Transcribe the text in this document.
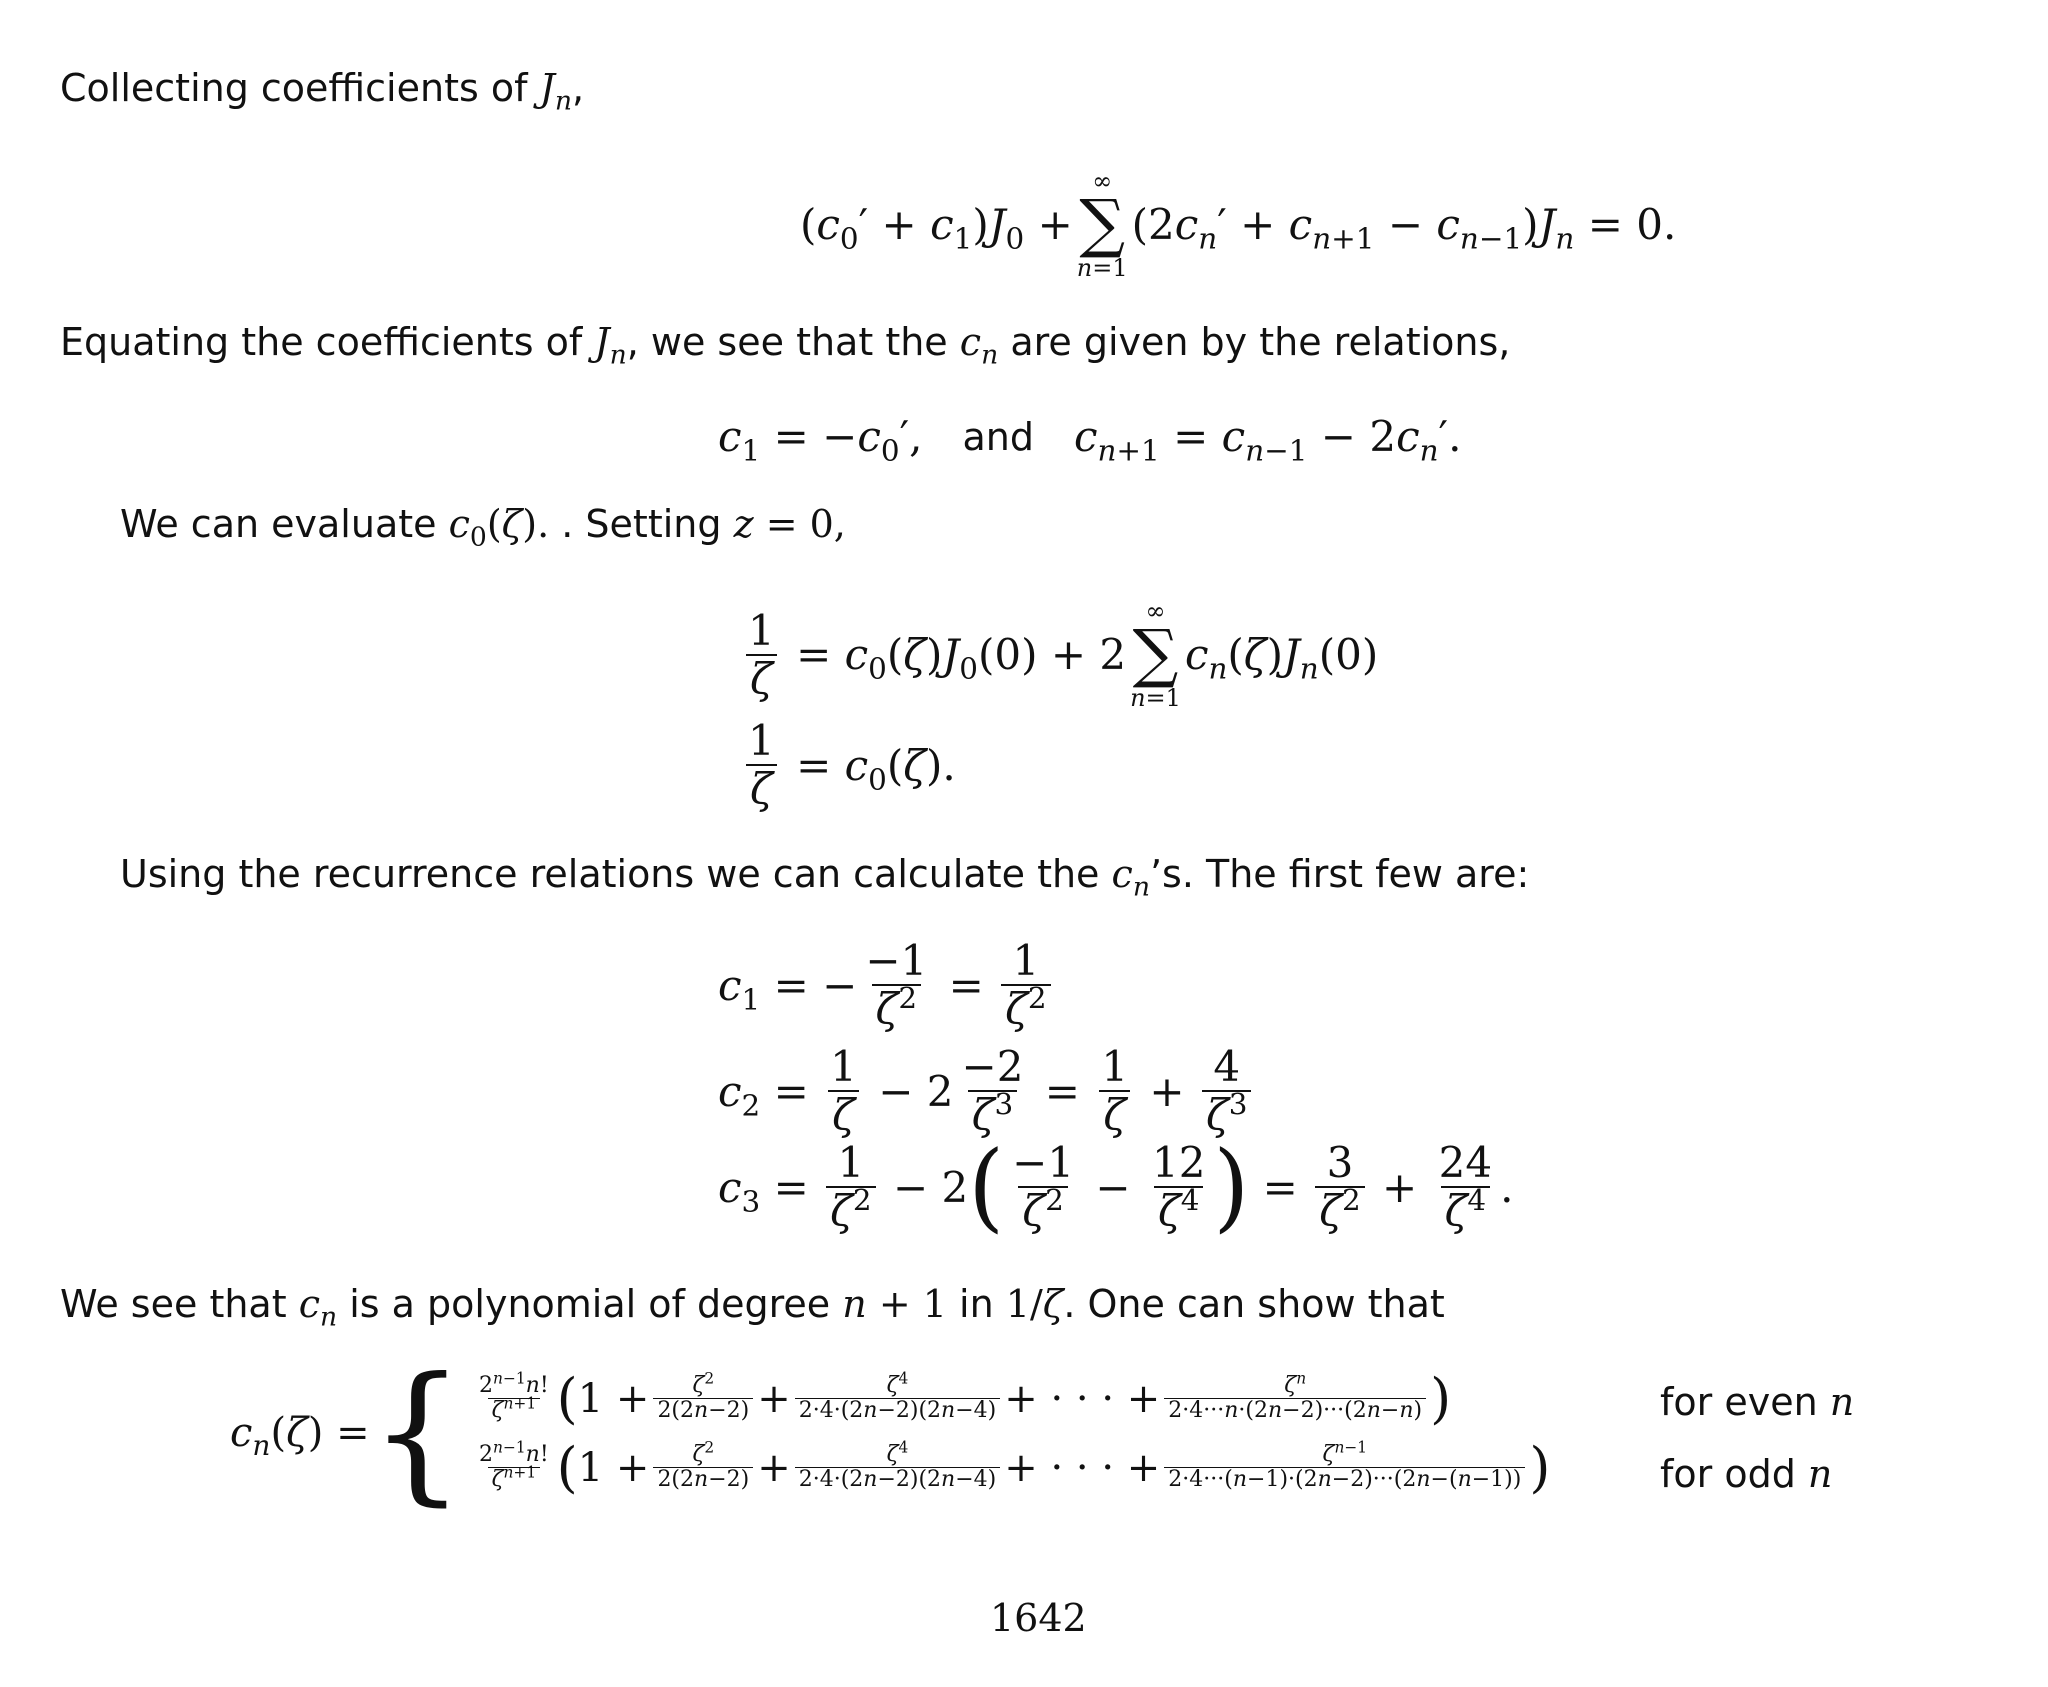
Collecting coefficients of $J_n$,
( c $_0$′ + c $_1$) J $_0$ +
∞
∑
n=1
(2 c $_n$ ′ + c $_{n+1}$ − c $_{n-1}$ ) $J_n = 0$.
Equating the coefficients of $J_n$, we see that the $c_n$ are given by the relations,
c $_1$ = − c $_0$′, and c $_{n+1}$ = c $_{n-1}$ − 2 $c_n$ ′.
We can evaluate $c_0(\zeta)$. . Setting z = 0,
$\frac{1}{\zeta} = c$ $_0$( ζ ) J $_0$(0) + 2
∞
∑
n=1
$c_n$ ( ζ ) $J_n$ (0)
$\frac{1}{\zeta} = c$ $_0$( ζ ).
Using the recurrence relations we can calculate the $c_n’s$. The first few are:
c $_1$ = − $\frac{-1}{\zeta^2} = \frac{1}{\zeta^2}$
c $_2 = \frac{1}{\zeta} - 2 \frac{-2}{\zeta^3} = \frac{1}{\zeta} + \frac{4}{\zeta^3}$
c $_3 = \frac{1}{\zeta^2} - 2$ ( $\frac{-1}{\zeta^2} - \frac{12}{\zeta^4}$ ) = $\frac{3}{\zeta^2} + \frac{24}{\zeta^4}$ .
We see that $c_n$ is a polynomial of degree n + 1 in 1/ζ. One can show that
$c_n$ ( ζ ) = { $\frac{2^{n-1}n!}{\zeta^{n+1}}$ ( $1 + \frac{\zeta^2}{2(2n-2)} + \frac{\zeta^4}{2\cdot 4\cdot(2n-2)(2n-4)}$ + · · · + $\frac{\zeta^n}{2\cdot 4\cdot\cdot\cdot n\cdot(2n-2)\cdot\cdot\cdot(2n-n)}$ )
$\frac{2^{n-1}n!}{\zeta^{n+1}}$ ( $1 + \frac{\zeta^2}{2(2n-2)} + \frac{\zeta^4}{2\cdot 4\cdot(2n-2)(2n-4)}$ + · · · + $\frac{\zeta^{n-1}}{2\cdot 4\cdot\cdot\cdot(n-1)\cdot(2n-2)\cdot\cdot\cdot(2n-(n-1))}$ )
for even n
for odd n
1642
